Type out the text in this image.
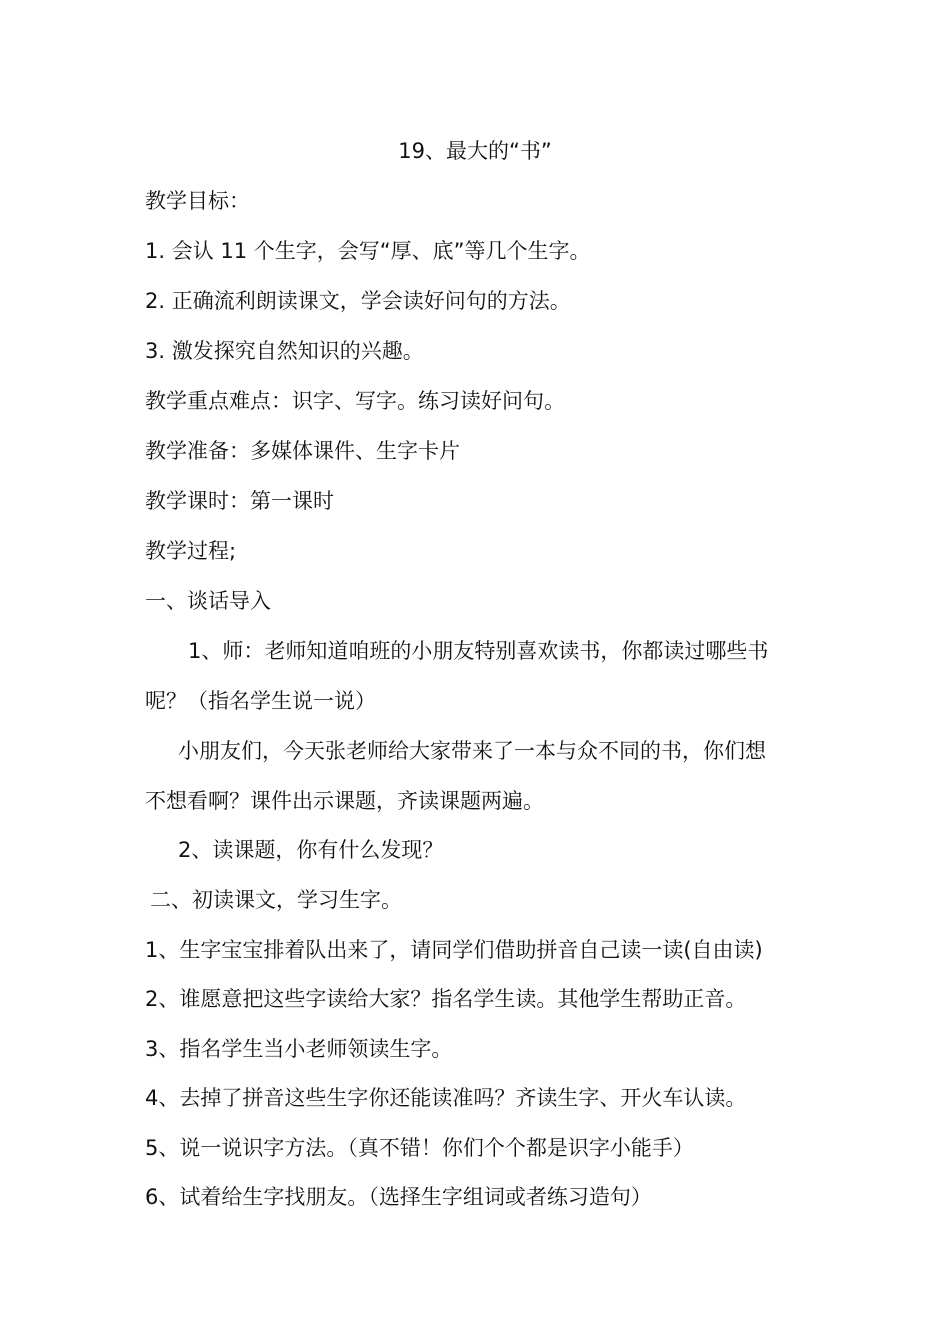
19、最大的“书”
教学目标：
1. 会认 11 个生字，会写“厚、底”等几个生字。
2. 正确流利朗读课文，学会读好问句的方法。
3. 激发探究自然知识的兴趣。
教学重点难点：识字、写字。练习读好问句。
教学准备：多媒体课件、生字卡片
教学课时：第一课时
教学过程;
一、谈话导入
1、师：老师知道咱班的小朋友特别喜欢读书，你都读过哪些书
呢？（指名学生说一说）
小朋友们，今天张老师给大家带来了一本与众不同的书，你们想
不想看啊？课件出示课题，齐读课题两遍。
2、读课题，你有什么发现？
二、初读课文，学习生字。
1、生字宝宝排着队出来了，请同学们借助拼音自己读一读(自由读)
2、谁愿意把这些字读给大家？指名学生读。其他学生帮助正音。
3、指名学生当小老师领读生字。
4、去掉了拼音这些生字你还能读准吗？齐读生字、开火车认读。
5、说一说识字方法。（真不错！你们个个都是识字小能手）
6、试着给生字找朋友。（选择生字组词或者练习造句）
